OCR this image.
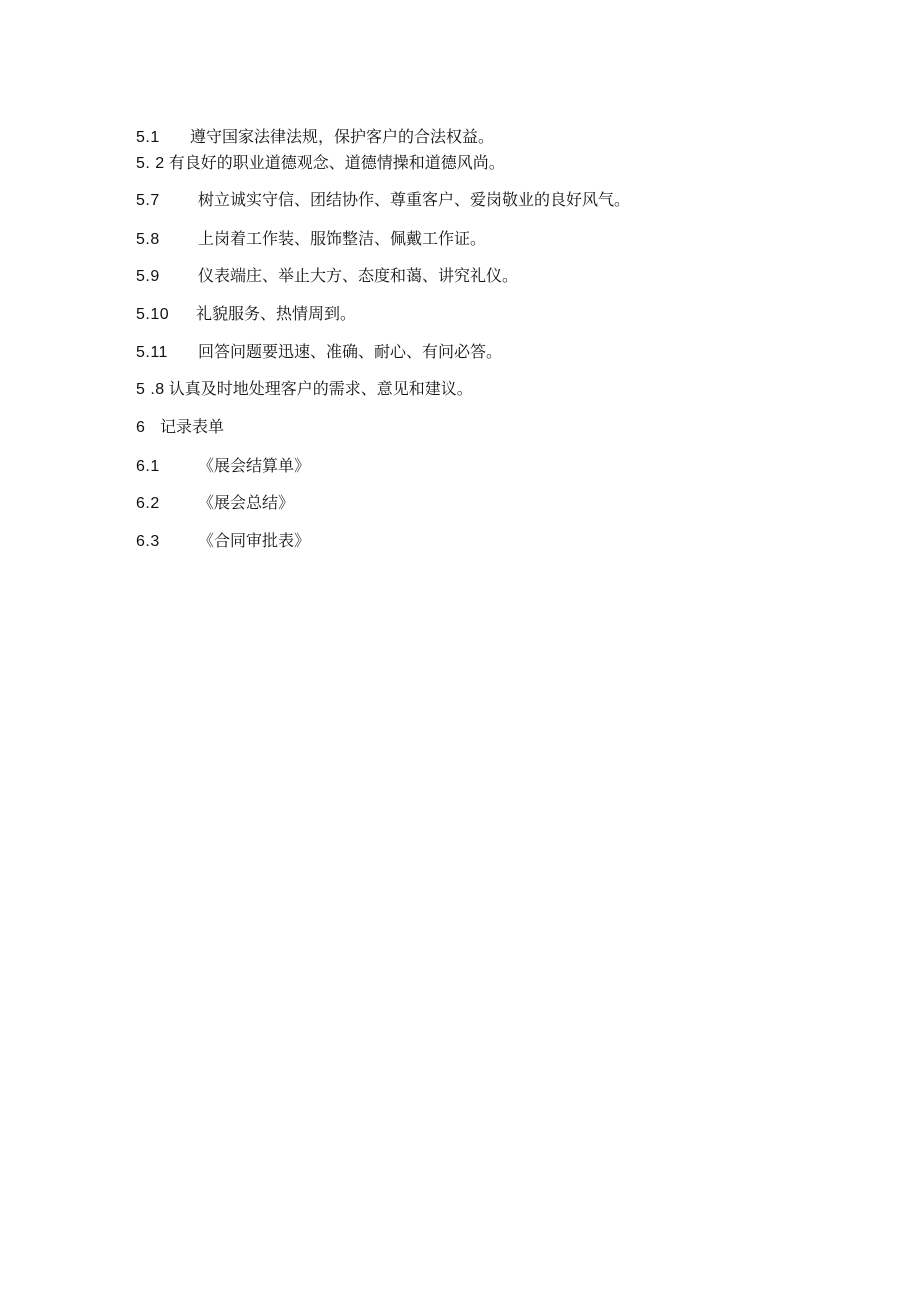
5.1 遵守国家法律法规，保护客户的合法权益。
5. 2 有良好的职业道德观念、道德情操和道德风尚。
5.7 树立诚实守信、团结协作、尊重客户、爱岗敬业的良好风气。
5.8 上岗着工作装、服饰整洁、佩戴工作证。
5.9 仪表端庄、举止大方、态度和蔼、讲究礼仪。
5.10 礼貌服务、热情周到。
5.11 回答问题要迅速、准确、耐心、有问必答。
5 .8 认真及时地处理客户的需求、意见和建议。
6 记录表单
6.1 《展会结算单》
6.2 《展会总结》
6.3 《合同审批表》
